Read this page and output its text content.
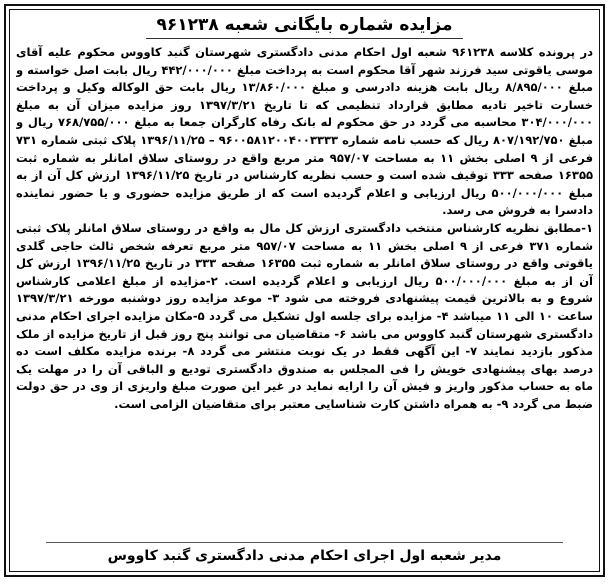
مزایده شماره بایگانی شعبه ۹۶۱۲۳۸

در پرونده کلاسه ۹۶۱۲۳۸ شعبه اول احکام مدنی دادگستری شهرستان گنبد کاووس محکوم علیه آقای موسی یاقوتی سید فرزند شهر آقا محکوم است به پرداخت مبلغ ۴۴۲/۰۰۰/۰۰۰ ریال بابت اصل خواسته و مبلغ ۸/۸۹۵/۰۰۰ ریال بابت هزینه دادرسی و مبلغ ۱۳/۸۶۰/۰۰۰ ریال بابت حق الوکاله وکیل و پرداخت خسارت تاخیر تادیه مطابق قرارداد تنظیمی که تا تاریخ ۱۳۹۷/۳/۲۱ روز مزایده میزان آن به مبلغ ۳۰۴/۰۰۰/۰۰۰ محاسبه می گردد در حق محکوم له بانک رفاه کارگران جمعا به مبلغ ۷۶۸/۷۵۵/۰۰۰ ریال و مبلغ ۸۰۷/۱۹۲/۷۵۰ ریال که حسب نامه شماره ۹۶۰۰۵۸۱۲۰۰۴۰۰۳۳۳۳ – ۱۳۹۶/۱۱/۲۵ پلاک ثبتی شماره ۷۳۱ فرعی از ۹ اصلی بخش ۱۱ به مساحت ۹۵۷/۰۷ متر مربع واقع در روستای سلاق امانلر به شماره ثبت ۱۶۳۵۵ صفحه ۳۳۳ توقیف شده است و حسب نظریه کارشناس در تاریخ ۱۳۹۶/۱۱/۲۵ ارزش کل آن از به مبلغ ۵۰۰/۰۰۰/۰۰۰ ریال ارزیابی و اعلام گردیده است که از طریق مزایده حضوری و یا حضور نماینده دادسرا به فروش می رسد.

۱-مطابق نظریه کارشناس منتخب دادگستری ارزش کل مال به واقع در روستای سلاق امانلر پلاک ثبتی شماره ۳۷۱ فرعی از ۹ اصلی بخش ۱۱ به مساحت ۹۵۷/۰۷ متر مربع تعرفه شخص ثالث حاجی گلدی یاقوتی واقع در روستای سلاق امانلر به شماره ثبت ۱۶۳۵۵ صفحه ۳۳۳ در تاریخ ۱۳۹۶/۱۱/۲۵ ارزش کل آن از به مبلغ ۵۰۰/۰۰۰/۰۰۰ ریال ارزیابی و اعلام گردیده است. ۲-مزایده از مبلغ اعلامی کارشناس شروع و به بالاترین قیمت پیشنهادی فروخته می شود ۳- موعد مزایده روز دوشنبه مورخه ۱۳۹۷/۳/۲۱ ساعت ۱۰ الی ۱۱ میباشد ۴- مزایده برای جلسه اول تشکیل می گردد ۵-مکان مزایده اجرای احکام مدنی دادگستری شهرستان گنبد کاووس می باشد ۶- متقاضیان می توانند پنج روز قبل از تاریخ مزایده از ملک مذکور بازدید نمایند ۷- این آگهی فقط در یک نوبت منتشر می گردد ۸- برنده مزایده مکلف است ده درصد بهای پیشنهادی خویش را فی المجلس به صندوق دادگستری تودیع و الباقی آن را در مهلت یک ماه به حساب مذکور واریز و فیش آن را ارایه نماید در غیر این صورت مبلغ واریزی از وی در حق دولت ضبط می گردد ۹- به همراه داشتن کارت شناسایی معتبر برای متقاضیان الزامی است.

مدیر شعبه اول اجرای احکام مدنی دادگستری گنبد کاووس
